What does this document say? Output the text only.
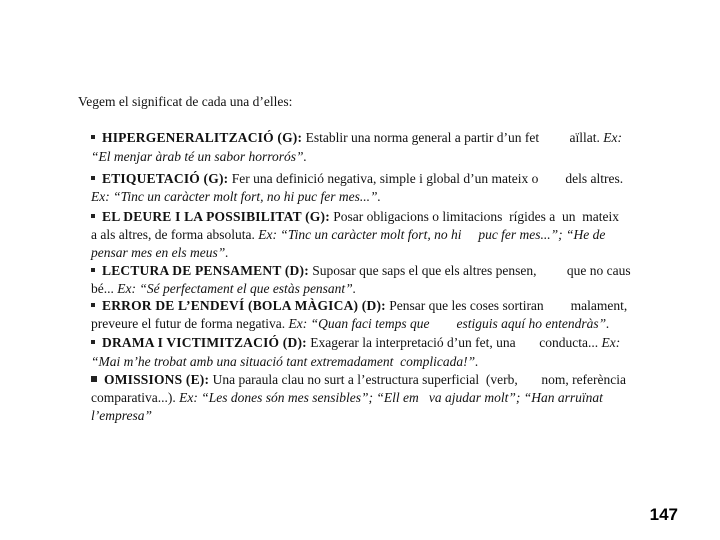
Vegem el significat de cada una d’elles:
HIPERGENERALITZACIÓ (G): Establir una norma general a partir d’un fet         aïllat. Ex:
“El menjar àrab té un sabor horrorós”.
ETIQUETACIÓ (G): Fer una definició negativa, simple i global d’un mateix o        dels altres.
Ex: “Tinc un caràcter molt fort, no hi puc fer mes...”.
EL DEURE I LA POSSIBILITAT (G): Posar obligacions o limitacions  rígides a  un  mateix
a als altres, de forma absoluta. Ex: “Tinc un caràcter molt fort, no hi     puc fer mes...”; “He de
pensar mes en els meus”.
LECTURA DE PENSAMENT (D): Suposar que saps el que els altres pensen,         que no caus
bé... Ex: “Sé perfectament el que estàs pensant”.
ERROR DE L’ENDEVÍ (BOLA MÀGICA) (D): Pensar que les coses sortiran        malament,
preveure el futur de forma negativa. Ex: “Quan faci temps que        estiguis aquí ho entendràs”.
DRAMA I VICTIMITZACIÓ (D): Exagerar la interpretació d’un fet, una       conducta... Ex:
“Mai m’he trobat amb una situació tant extremadament  complicada!”.
OMISSIONS (E): Una paraula clau no surt a l’estructura superficial  (verb,       nom, referència
comparativa...). Ex: “Les dones són mes sensibles”; “Ell em   va ajudar molt”; “Han arruïnat
l’empresa”
147
